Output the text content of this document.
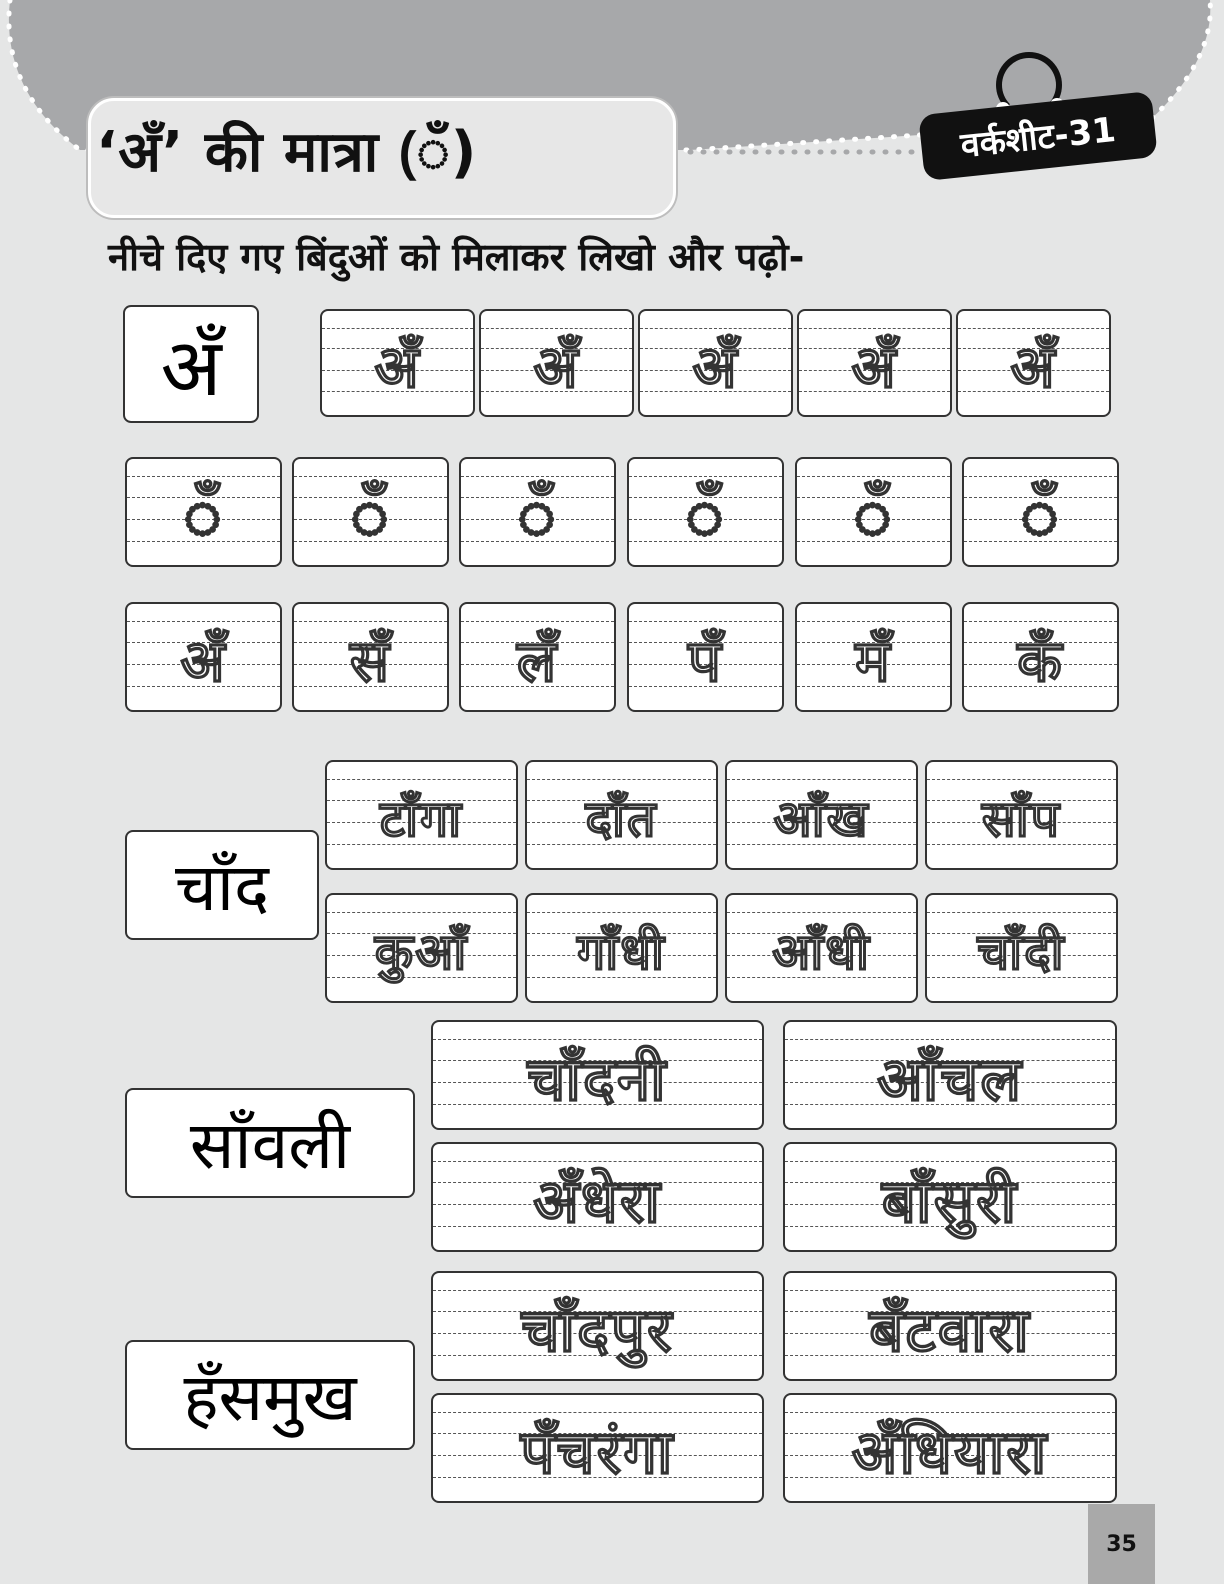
‘अँ’ की मात्रा (ँ)	वर्कशीट-31
नीचे दिए गए बिंदुओं को मिलाकर लिखो और पढ़ो-
अँ	अँ	अँ	अँ	अँ	अँ
ँ	ँ	ँ	ँ	ँ	ँ
अँ	सँ	लँ	पँ	मँ	कँ
चाँद
टाँगा	दाँत	आँख	साँप
कुआँ	गाँधी	आँधी	चाँदी
साँवली
चाँदनी	आँचल
अँधेरा	बाँसुरी
हँसमुख
चाँदपुर	बँटवारा
पँचरंगा	अँधियारा
35
